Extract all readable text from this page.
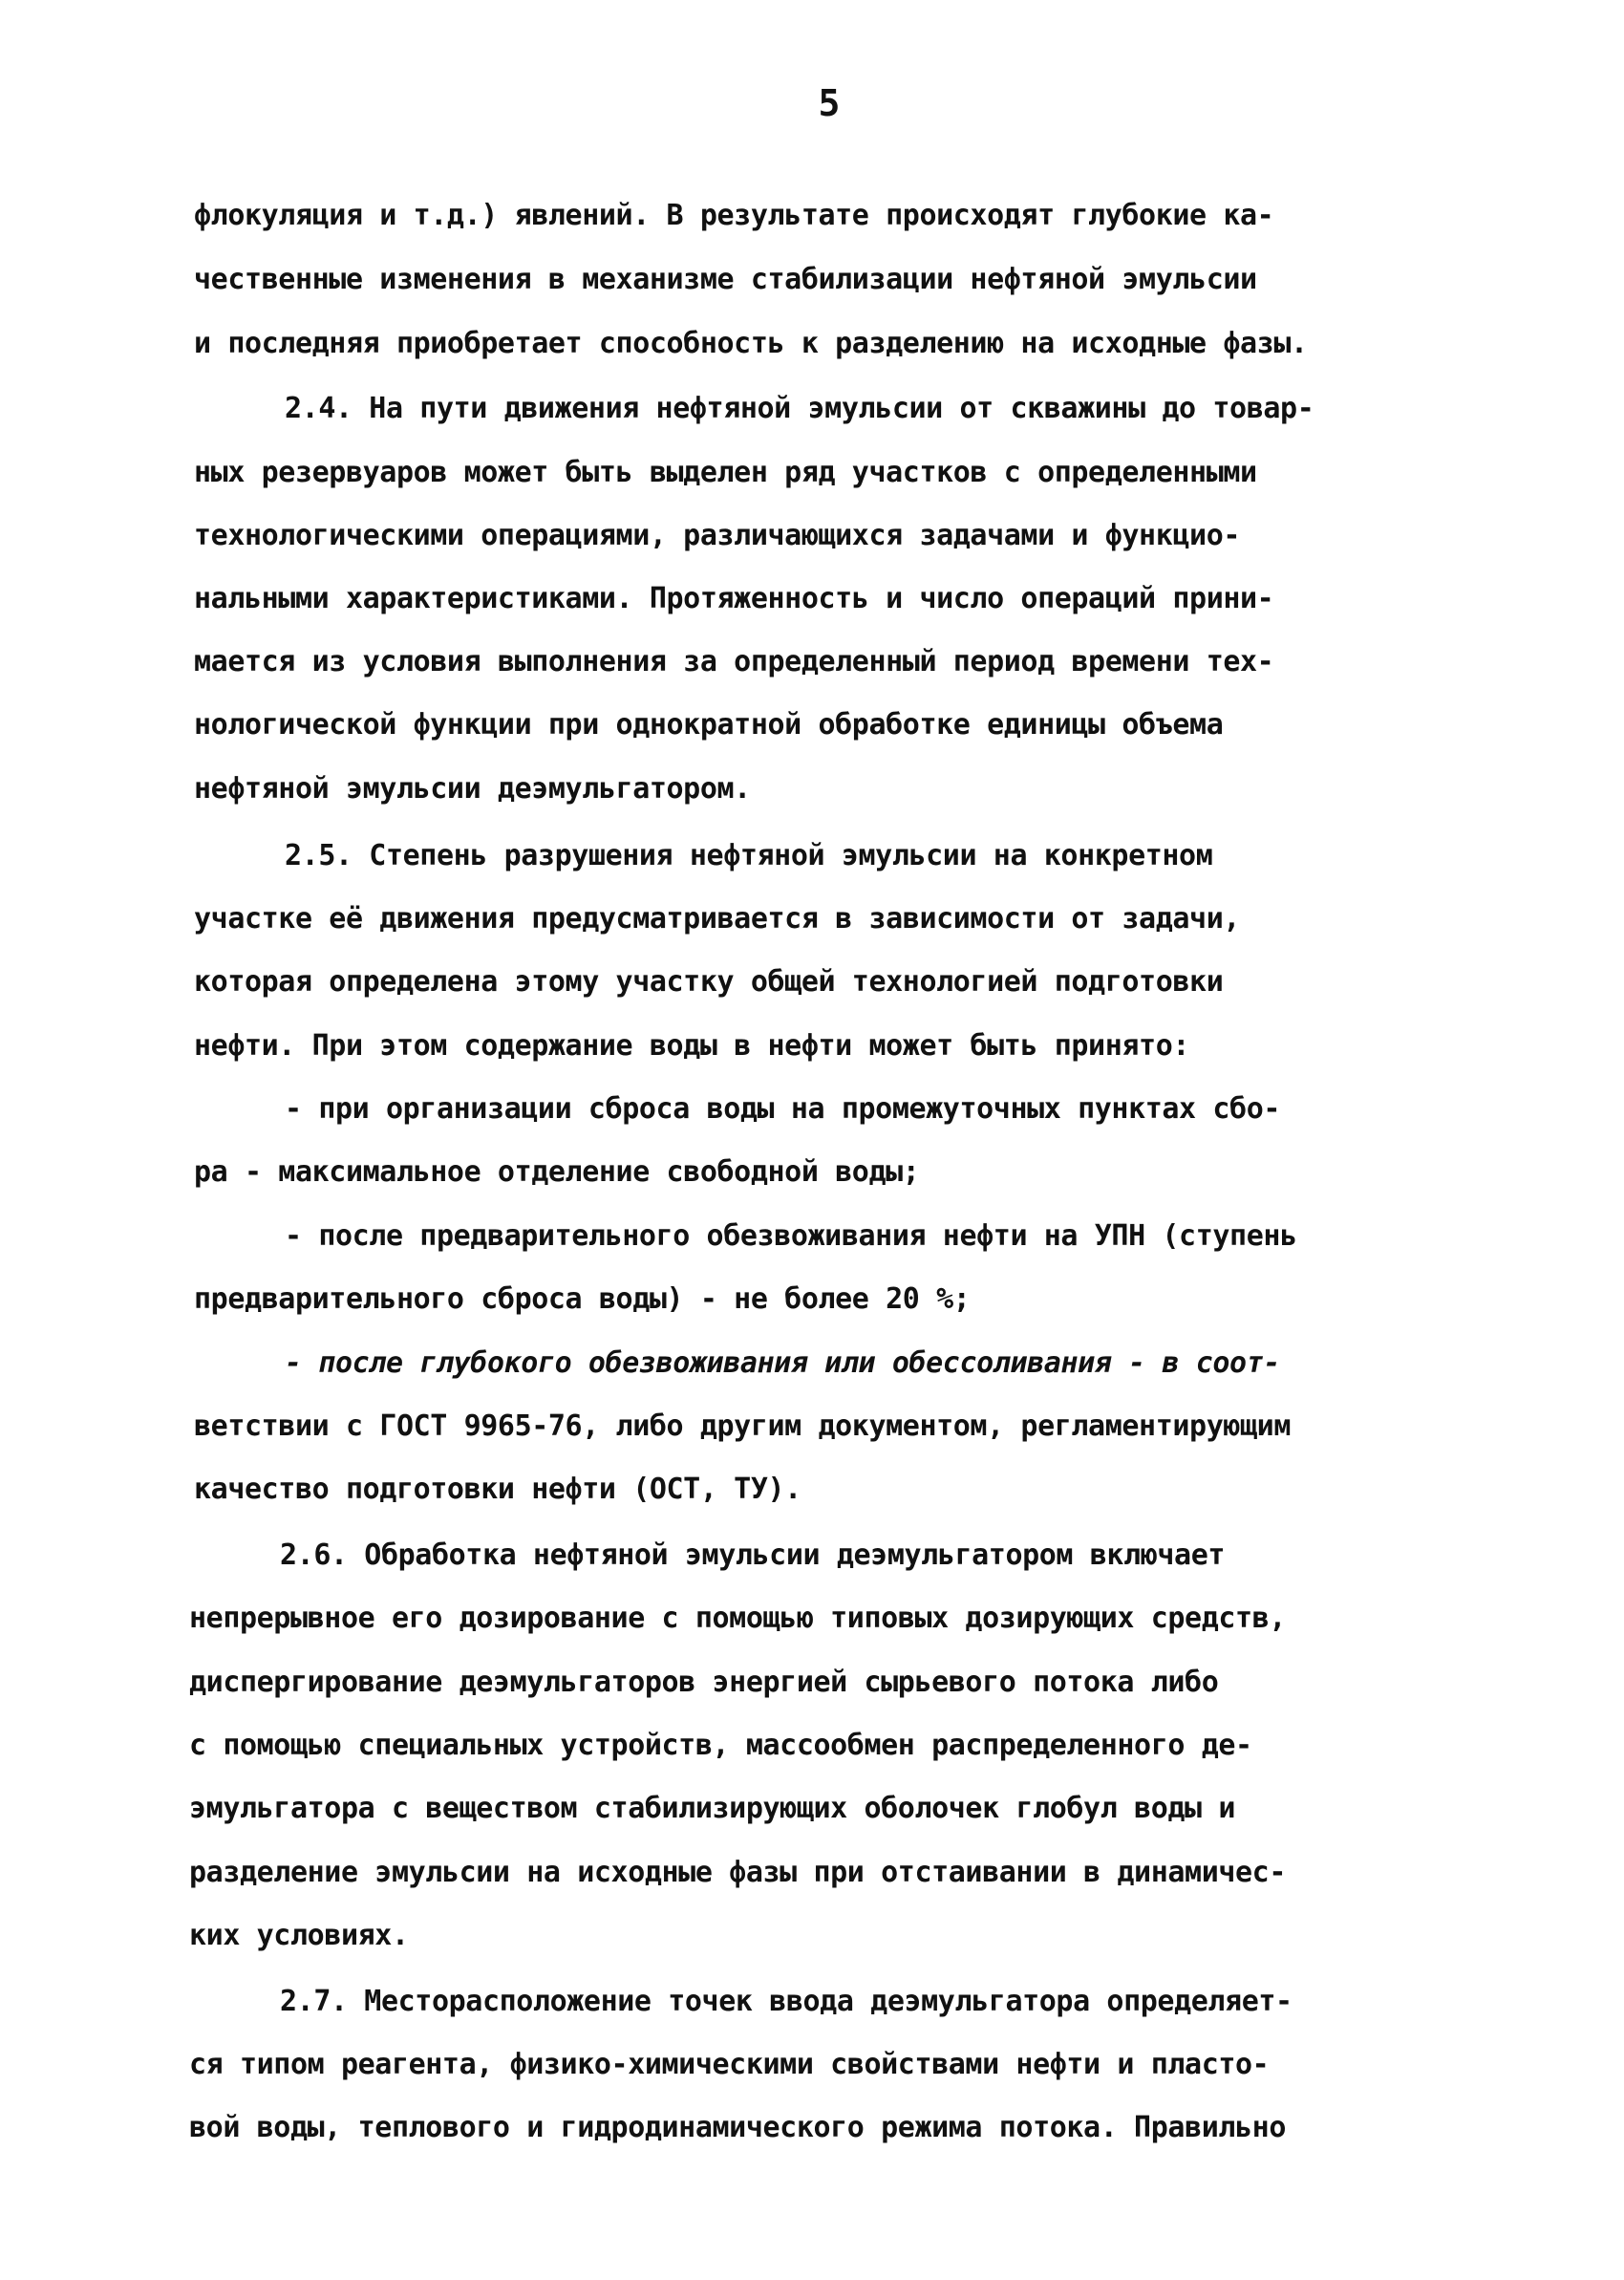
5
флокуляция и т.д.) явлений. В результате происходят глубокие ка-
чественные изменения в механизме стабилизации нефтяной эмульсии
и последняя приобретает способность к разделению на исходные фазы.
2.4. На пути движения нефтяной эмульсии от скважины до товар-
ных резервуаров может быть выделен ряд участков с определенными
технологическими операциями, различающихся задачами и функцио-
нальными характеристиками. Протяженность и число операций прини-
мается из условия выполнения за определенный период времени тех-
нологической функции при однократной обработке единицы объема
нефтяной эмульсии деэмульгатором.
2.5. Степень разрушения нефтяной эмульсии на конкретном
участке её движения предусматривается в зависимости от задачи,
которая определена этому участку общей технологией подготовки
нефти. При этом содержание воды в нефти может быть принято:
- при организации сброса воды на промежуточных пунктах сбо-
ра - максимальное отделение свободной воды;
- после предварительного обезвоживания нефти на УПН (ступень
предварительного сброса воды) - не более 20 %;
- после глубокого обезвоживания или обессоливания - в соот-
ветствии с ГОСТ 9965-76, либо другим документом, регламентирующим
качество подготовки нефти (ОСТ, ТУ).
2.6. Обработка нефтяной эмульсии деэмульгатором включает
непрерывное его дозирование с помощью типовых дозирующих средств,
диспергирование деэмульгаторов энергией сырьевого потока либо
с помощью специальных устройств, массообмен распределенного де-
эмульгатора с веществом стабилизирующих оболочек глобул воды и
разделение эмульсии на исходные фазы при отстаивании в динамичес-
ких условиях.
2.7. Месторасположение точек ввода деэмульгатора определяет-
ся типом реагента, физико-химическими свойствами нефти и пласто-
вой воды, теплового и гидродинамического режима потока. Правильно
